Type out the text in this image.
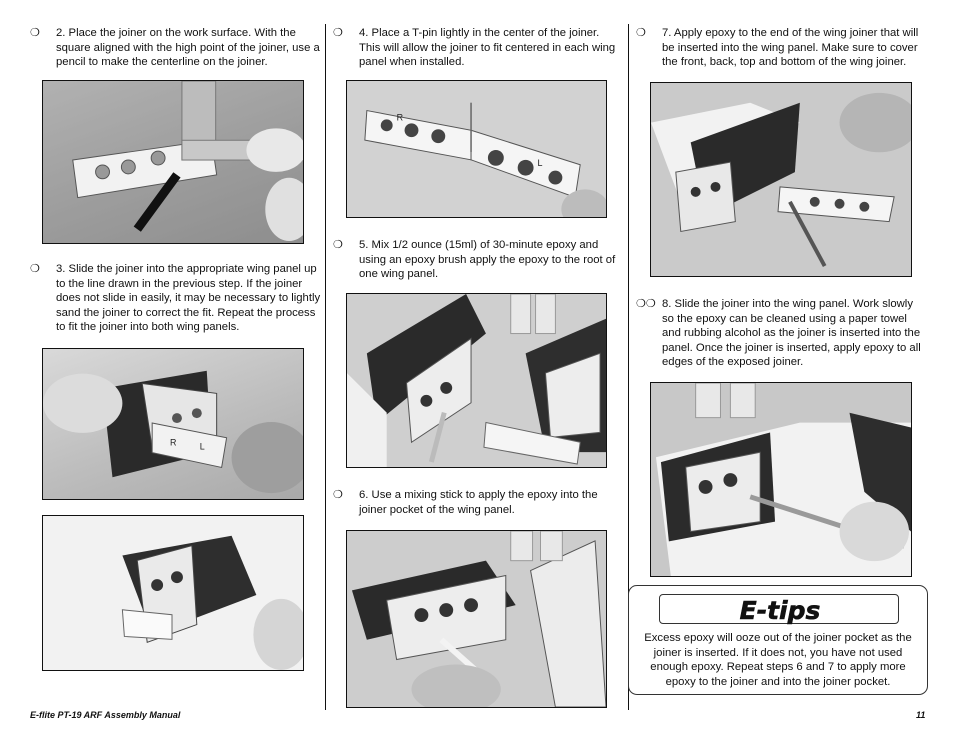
❍ 2. Place the joiner on the work surface. With the square aligned with the high point of the joiner, use a pencil to make the centerline on the joiner.
❍ 3. Slide the joiner into the appropriate wing panel up to the line drawn in the previous step. If the joiner does not slide in easily, it may be necessary to lightly sand the joiner to correct the fit. Repeat the process to fit the joiner into both wing panels.
R	L
❍ 4. Place a T-pin lightly in the center of the joiner. This will allow the joiner to fit centered in each wing panel when installed.
R
L
❍ 5. Mix 1/2 ounce (15ml) of 30-minute epoxy and using an epoxy brush apply the epoxy to the root of one wing panel.
❍ 6. Use a mixing stick to apply the epoxy into the joiner pocket of the wing panel.
❍ 7. Apply epoxy to the end of the wing joiner that will be inserted into the wing panel. Make sure to cover the front, back, top and bottom of the wing joiner.
❍❍ 8. Slide the joiner into the wing panel. Work slowly so the epoxy can be cleaned using a paper towel and rubbing alcohol as the joiner is inserted into the panel. Once the joiner is inserted, apply epoxy to all edges of the exposed joiner.
E-tips
Excess epoxy will ooze out of the joiner pocket as the joiner is inserted. If it does not, you have not used enough epoxy. Repeat steps 6 and 7 to apply more epoxy to the joiner and into the joiner pocket.
E-flite PT-19 ARF Assembly Manual	11
